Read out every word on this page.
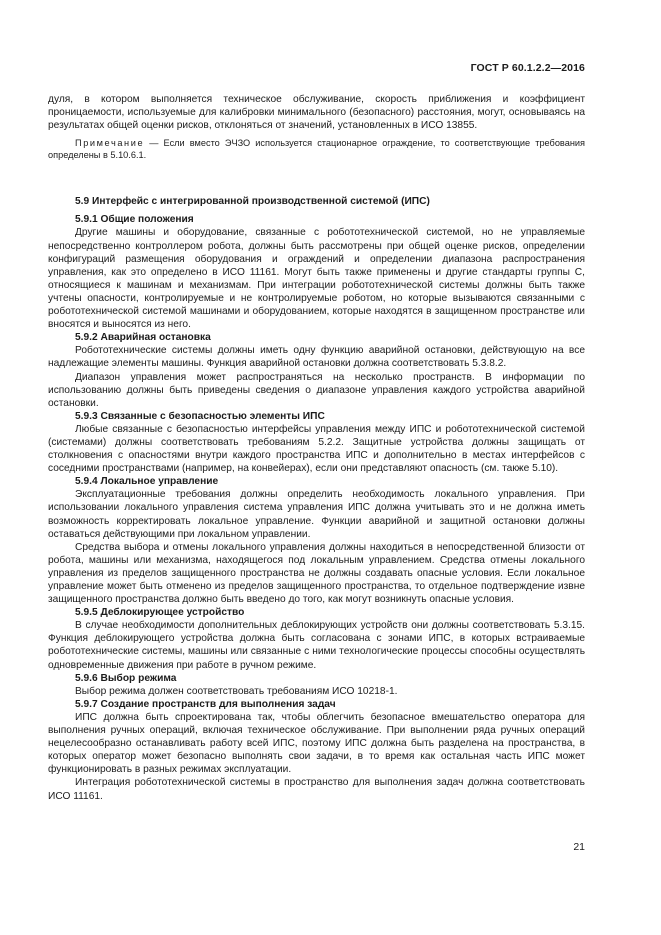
ГОСТ Р 60.1.2.2—2016

дуля, в котором выполняется техническое обслуживание, скорость приближения и коэффициент проницаемости, используемые для калибровки минимального (безопасного) расстояния, могут, основываясь на результатах общей оценки рисков, отклоняться от значений, установленных в ИСО 13855.

Примечание — Если вместо ЭЧЗО используется стационарное ограждение, то соответствующие требования определены в 5.10.6.1.

5.9 Интерфейс с интегрированной производственной системой (ИПС)

5.9.1 Общие положения

Другие машины и оборудование, связанные с робототехнической системой, но не управляемые непосредственно контроллером робота, должны быть рассмотрены при общей оценке рисков, определении конфигураций размещения оборудования и ограждений и определении диапазона распространения управления, как это определено в ИСО 11161. Могут быть также применены и другие стандарты группы С, относящиеся к машинам и механизмам. При интеграции робототехнической системы должны быть также учтены опасности, контролируемые и не контролируемые роботом, но которые вызываются связанными с робототехнической системой машинами и оборудованием, которые находятся в защищенном пространстве или вносятся и выносятся из него.

5.9.2 Аварийная остановка

Робототехнические системы должны иметь одну функцию аварийной остановки, действующую на все надлежащие элементы машины. Функция аварийной остановки должна соответствовать 5.3.8.2.

Диапазон управления может распространяться на несколько пространств. В информации по использованию должны быть приведены сведения о диапазоне управления каждого устройства аварийной остановки.

5.9.3 Связанные с безопасностью элементы ИПС

Любые связанные с безопасностью интерфейсы управления между ИПС и робототехнической системой (системами) должны соответствовать требованиям 5.2.2. Защитные устройства должны защищать от столкновения с опасностями внутри каждого пространства ИПС и дополнительно в местах интерфейсов с соседними пространствами (например, на конвейерах), если они представляют опасность (см. также 5.10).

5.9.4 Локальное управление

Эксплуатационные требования должны определить необходимость локального управления. При использовании локального управления система управления ИПС должна учитывать это и не должна иметь возможность корректировать локальное управление. Функции аварийной и защитной остановки должны оставаться действующими при локальном управлении.

Средства выбора и отмены локального управления должны находиться в непосредственной близости от робота, машины или механизма, находящегося под локальным управлением. Средства отмены локального управления из пределов защищенного пространства не должны создавать опасные условия. Если локальное управление может быть отменено из пределов защищенного пространства, то отдельное подтверждение извне защищенного пространства должно быть введено до того, как могут возникнуть опасные условия.

5.9.5 Деблокирующее устройство

В случае необходимости дополнительных деблокирующих устройств они должны соответствовать 5.3.15. Функция деблокирующего устройства должна быть согласована с зонами ИПС, в которых встраиваемые робототехнические системы, машины или связанные с ними технологические процессы способны осуществлять одновременные движения при работе в ручном режиме.

5.9.6 Выбор режима

Выбор режима должен соответствовать требованиям ИСО 10218-1.

5.9.7 Создание пространств для выполнения задач

ИПС должна быть спроектирована так, чтобы облегчить безопасное вмешательство оператора для выполнения ручных операций, включая техническое обслуживание. При выполнении ряда ручных операций нецелесообразно останавливать работу всей ИПС, поэтому ИПС должна быть разделена на пространства, в которых оператор может безопасно выполнять свои задачи, в то время как остальная часть ИПС может функционировать в разных режимах эксплуатации.

Интеграция робототехнической системы в пространство для выполнения задач должна соответствовать ИСО 11161.

21
